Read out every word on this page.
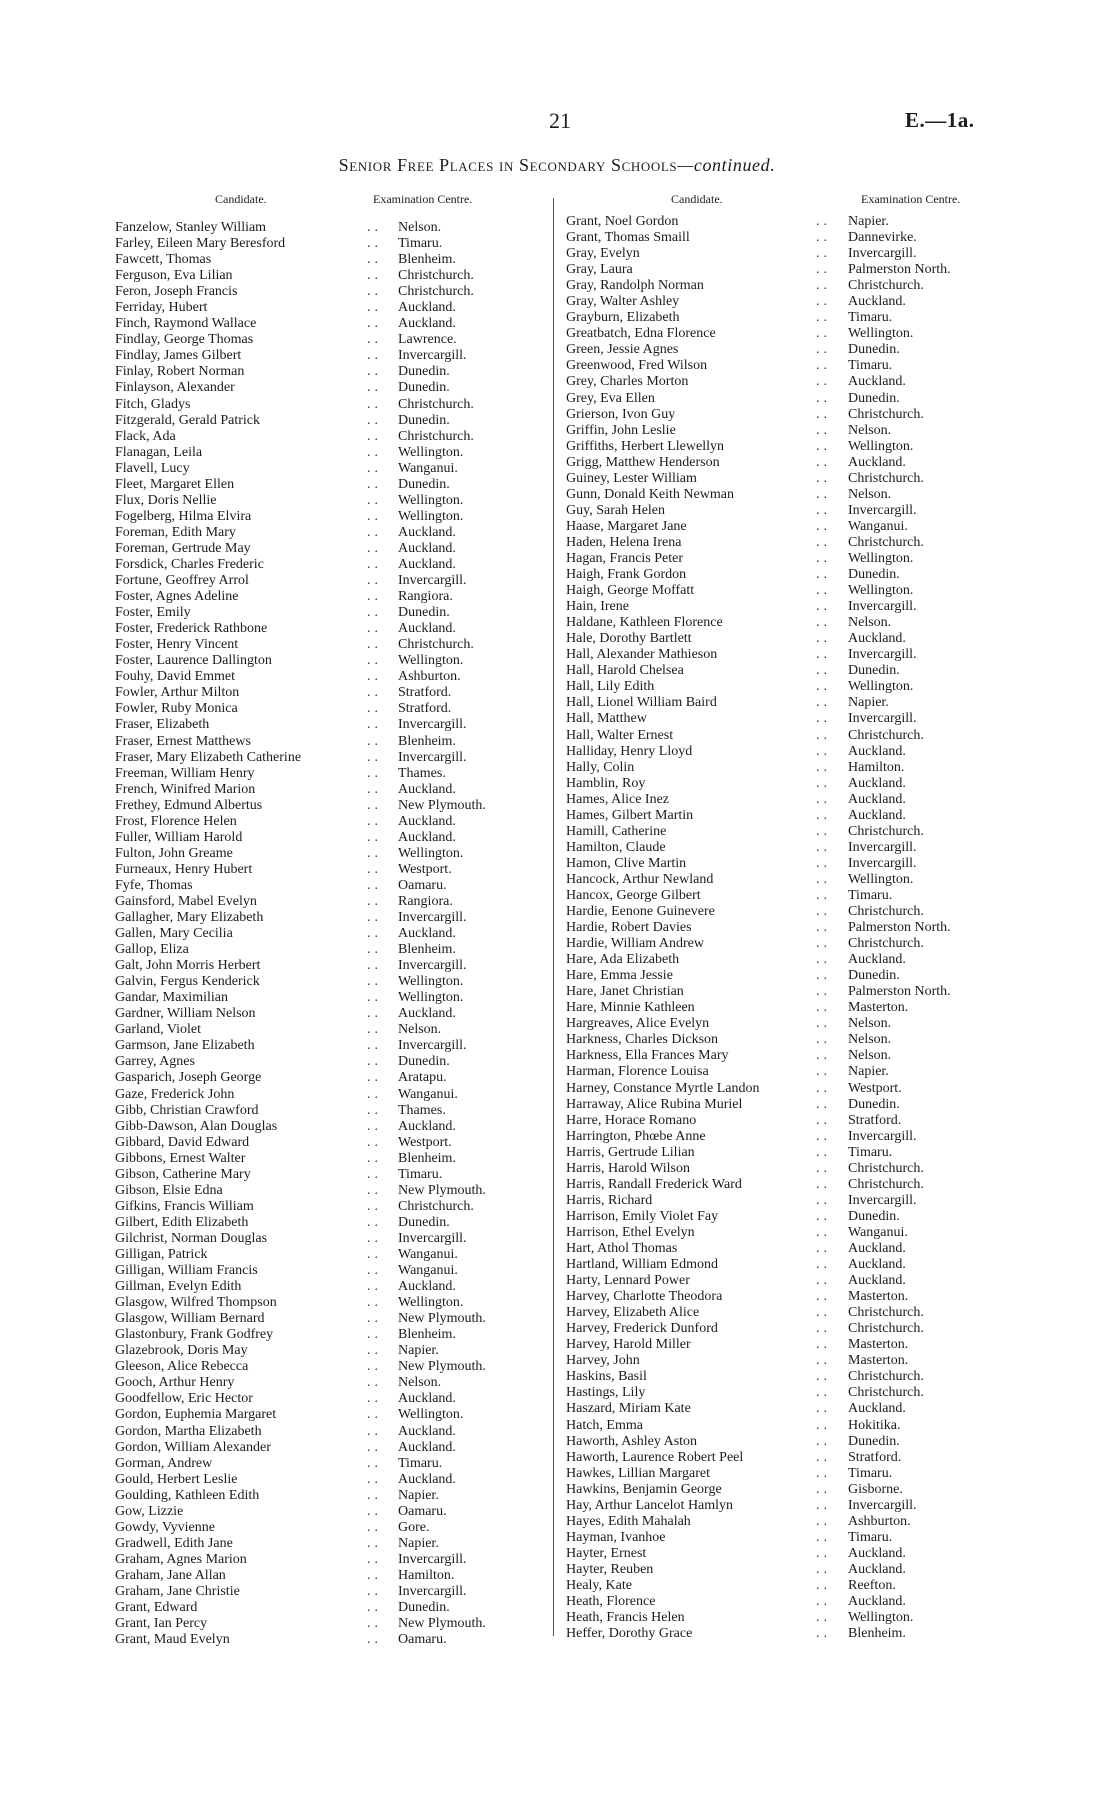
21	E.—1a.
Senior Free Places in Secondary Schools—continued.
Candidate.	Examination Centre.
Fanzelow, Stanley William	.. Nelson.
Farley, Eileen Mary Beresford	.. Timaru.
Fawcett, Thomas	.. Blenheim.
Ferguson, Eva Lilian	.. Christchurch.
Feron, Joseph Francis	.. Christchurch.
Ferriday, Hubert	.. Auckland.
Finch, Raymond Wallace	.. Auckland.
Findlay, George Thomas	.. Lawrence.
Findlay, James Gilbert	.. Invercargill.
Finlay, Robert Norman	.. Dunedin.
Finlayson, Alexander	.. Dunedin.
Fitch, Gladys	.. Christchurch.
Fitzgerald, Gerald Patrick	.. Dunedin.
Flack, Ada	.. Christchurch.
Flanagan, Leila	.. Wellington.
Flavell, Lucy	.. Wanganui.
Fleet, Margaret Ellen	.. Dunedin.
Flux, Doris Nellie	.. Wellington.
Fogelberg, Hilma Elvira	.. Wellington.
Foreman, Edith Mary	.. Auckland.
Foreman, Gertrude May	.. Auckland.
Forsdick, Charles Frederic	.. Auckland.
Fortune, Geoffrey Arrol	.. Invercargill.
Foster, Agnes Adeline	.. Rangiora.
Foster, Emily	.. Dunedin.
Foster, Frederick Rathbone	.. Auckland.
Foster, Henry Vincent	.. Christchurch.
Foster, Laurence Dallington	.. Wellington.
Fouhy, David Emmet	.. Ashburton.
Fowler, Arthur Milton	.. Stratford.
Fowler, Ruby Monica	.. Stratford.
Fraser, Elizabeth	.. Invercargill.
Fraser, Ernest Matthews	.. Blenheim.
Fraser, Mary Elizabeth Catherine	.. Invercargill.
Freeman, William Henry	.. Thames.
French, Winifred Marion	.. Auckland.
Frethey, Edmund Albertus	.. New Plymouth.
Frost, Florence Helen	.. Auckland.
Fuller, William Harold	.. Auckland.
Fulton, John Greame	.. Wellington.
Furneaux, Henry Hubert	.. Westport.
Fyfe, Thomas	.. Oamaru.
Gainsford, Mabel Evelyn	.. Rangiora.
Gallagher, Mary Elizabeth	.. Invercargill.
Gallen, Mary Cecilia	.. Auckland.
Gallop, Eliza	.. Blenheim.
Galt, John Morris Herbert	.. Invercargill.
Galvin, Fergus Kenderick	.. Wellington.
Gandar, Maximilian	.. Wellington.
Gardner, William Nelson	.. Auckland.
Garland, Violet	.. Nelson.
Garmson, Jane Elizabeth	.. Invercargill.
Garrey, Agnes	.. Dunedin.
Gasparich, Joseph George	.. Aratapu.
Gaze, Frederick John	.. Wanganui.
Gibb, Christian Crawford	.. Thames.
Gibb-Dawson, Alan Douglas	.. Auckland.
Gibbard, David Edward	.. Westport.
Gibbons, Ernest Walter	.. Blenheim.
Gibson, Catherine Mary	.. Timaru.
Gibson, Elsie Edna	.. New Plymouth.
Gifkins, Francis William	.. Christchurch.
Gilbert, Edith Elizabeth	.. Dunedin.
Gilchrist, Norman Douglas	.. Invercargill.
Gilligan, Patrick	.. Wanganui.
Gilligan, William Francis	.. Wanganui.
Gillman, Evelyn Edith	.. Auckland.
Glasgow, Wilfred Thompson	.. Wellington.
Glasgow, William Bernard	.. New Plymouth.
Glastonbury, Frank Godfrey	.. Blenheim.
Glazebrook, Doris May	.. Napier.
Gleeson, Alice Rebecca	.. New Plymouth.
Gooch, Arthur Henry	.. Nelson.
Goodfellow, Eric Hector	.. Auckland.
Gordon, Euphemia Margaret	.. Wellington.
Gordon, Martha Elizabeth	.. Auckland.
Gordon, William Alexander	.. Auckland.
Gorman, Andrew	.. Timaru.
Gould, Herbert Leslie	.. Auckland.
Goulding, Kathleen Edith	.. Napier.
Gow, Lizzie	.. Oamaru.
Gowdy, Vyvienne	.. Gore.
Gradwell, Edith Jane	.. Napier.
Graham, Agnes Marion	.. Invercargill.
Graham, Jane Allan	.. Hamilton.
Graham, Jane Christie	.. Invercargill.
Grant, Edward	.. Dunedin.
Grant, Ian Percy	.. New Plymouth.
Grant, Maud Evelyn	.. Oamaru.
Candidate.	Examination Centre.
Grant, Noel Gordon	.. Napier.
Grant, Thomas Smaill	.. Dannevirke.
Gray, Evelyn	.. Invercargill.
Gray, Laura	.. Palmerston North.
Gray, Randolph Norman	.. Christchurch.
Gray, Walter Ashley	.. Auckland.
Grayburn, Elizabeth	.. Timaru.
Greatbatch, Edna Florence	.. Wellington.
Green, Jessie Agnes	.. Dunedin.
Greenwood, Fred Wilson	.. Timaru.
Grey, Charles Morton	.. Auckland.
Grey, Eva Ellen	.. Dunedin.
Grierson, Ivon Guy	.. Christchurch.
Griffin, John Leslie	.. Nelson.
Griffiths, Herbert Llewellyn	.. Wellington.
Grigg, Matthew Henderson	.. Auckland.
Guiney, Lester William	.. Christchurch.
Gunn, Donald Keith Newman	.. Nelson.
Guy, Sarah Helen	.. Invercargill.
Haase, Margaret Jane	.. Wanganui.
Haden, Helena Irena	.. Christchurch.
Hagan, Francis Peter	.. Wellington.
Haigh, Frank Gordon	.. Dunedin.
Haigh, George Moffatt	.. Wellington.
Hain, Irene	.. Invercargill.
Haldane, Kathleen Florence	.. Nelson.
Hale, Dorothy Bartlett	.. Auckland.
Hall, Alexander Mathieson	.. Invercargill.
Hall, Harold Chelsea	.. Dunedin.
Hall, Lily Edith	.. Wellington.
Hall, Lionel William Baird	.. Napier.
Hall, Matthew	.. Invercargill.
Hall, Walter Ernest	.. Christchurch.
Halliday, Henry Lloyd	.. Auckland.
Hally, Colin	.. Hamilton.
Hamblin, Roy	.. Auckland.
Hames, Alice Inez	.. Auckland.
Hames, Gilbert Martin	.. Auckland.
Hamill, Catherine	.. Christchurch.
Hamilton, Claude	.. Invercargill.
Hamon, Clive Martin	.. Invercargill.
Hancock, Arthur Newland	.. Wellington.
Hancox, George Gilbert	.. Timaru.
Hardie, Eenone Guinevere	.. Christchurch.
Hardie, Robert Davies	.. Palmerston North.
Hardie, William Andrew	.. Christchurch.
Hare, Ada Elizabeth	.. Auckland.
Hare, Emma Jessie	.. Dunedin.
Hare, Janet Christian	.. Palmerston North.
Hare, Minnie Kathleen	.. Masterton.
Hargreaves, Alice Evelyn	.. Nelson.
Harkness, Charles Dickson	.. Nelson.
Harkness, Ella Frances Mary	.. Nelson.
Harman, Florence Louisa	.. Napier.
Harney, Constance Myrtle Landon	.. Westport.
Harraway, Alice Rubina Muriel	.. Dunedin.
Harre, Horace Romano	.. Stratford.
Harrington, Phœbe Anne	.. Invercargill.
Harris, Gertrude Lilian	.. Timaru.
Harris, Harold Wilson	.. Christchurch.
Harris, Randall Frederick Ward	.. Christchurch.
Harris, Richard	.. Invercargill.
Harrison, Emily Violet Fay	.. Dunedin.
Harrison, Ethel Evelyn	.. Wanganui.
Hart, Athol Thomas	.. Auckland.
Hartland, William Edmond	.. Auckland.
Harty, Lennard Power	.. Auckland.
Harvey, Charlotte Theodora	.. Masterton.
Harvey, Elizabeth Alice	.. Christchurch.
Harvey, Frederick Dunford	.. Christchurch.
Harvey, Harold Miller	.. Masterton.
Harvey, John	.. Masterton.
Haskins, Basil	.. Christchurch.
Hastings, Lily	.. Christchurch.
Haszard, Miriam Kate	.. Auckland.
Hatch, Emma	.. Hokitika.
Haworth, Ashley Aston	.. Dunedin.
Haworth, Laurence Robert Peel	.. Stratford.
Hawkes, Lillian Margaret	.. Timaru.
Hawkins, Benjamin George	.. Gisborne.
Hay, Arthur Lancelot Hamlyn	.. Invercargill.
Hayes, Edith Mahalah	.. Ashburton.
Hayman, Ivanhoe	.. Timaru.
Hayter, Ernest	.. Auckland.
Hayter, Reuben	.. Auckland.
Healy, Kate	.. Reefton.
Heath, Florence	.. Auckland.
Heath, Francis Helen	.. Wellington.
Heffer, Dorothy Grace	.. Blenheim.
